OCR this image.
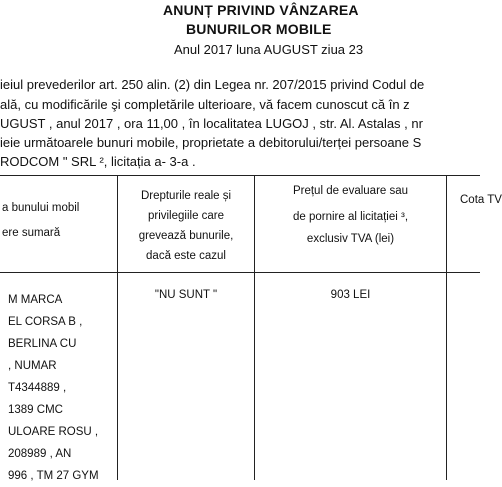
ANUNȚ PRIVIND VÂNZAREA
BUNURILOR MOBILE
Anul 2017 luna AUGUST ziua 23
ieiul prevederilor art. 250 alin. (2) din Legea nr. 207/2015 privind Codul de
ală, cu modificările şi completările ulterioare, vă facem cunoscut că în z
UGUST , anul 2017 , ora 11,00 , în localitatea LUGOJ , str. Al. Astalas , nr
ieie următoarele bunuri mobile, proprietate a debitorului/terței persoane S
RODCOM " SRL ², licitația a- 3-a .
a bunului mobil
ere sumară
Drepturile reale și
privilegiile care
grevează bunurile,
dacă este cazul
Prețul de evaluare sau
de pornire al licitației ³,
exclusiv TVA (lei)
Cota TV
M MARCA
EL CORSA B ,
BERLINA CU
, NUMAR
T4344889 ,
1389 CMC
ULOARE ROSU ,
208989 , AN
996 , TM 27 GYM
"NU SUNT "	903 LEI
